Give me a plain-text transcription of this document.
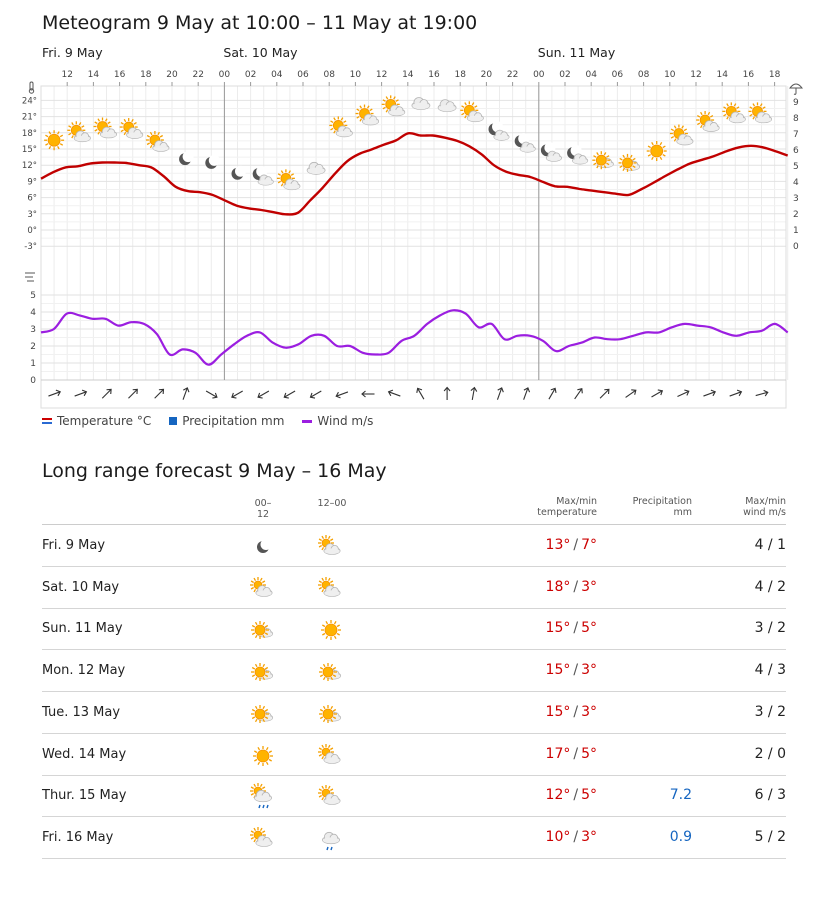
Meteogram 9 May at 10:00 – 11 May at 19:00
Fri. 9 May	Sat. 10 May	Sun. 11 May
12 14 16 18 20 22 00 02 04 06 08 10 12 14 16 18 20 22 00 02 04 06 08 10 12 14 16 18
24°
21°
18°
15°
12°
9°
6°
3°
0°
-3°
9
8
7
6
5
4
3
2
1
0
5
4
3
2
1
0
Temperature °C	Precipitation mm	Wind m/s
Long range forecast 9 May – 16 May
00–12
12–00	Max/min
temperature
Precipitation
mm
Max/min
wind m/s
Fri. 9 May	13° / 7°	4 / 1
Sat. 10 May	18° / 3°	4 / 2
Sun. 11 May	15° / 5°	3 / 2
Mon. 12 May	15° / 3°	4 / 3
Tue. 13 May	15° / 3°	3 / 2
Wed. 14 May	17° / 5°	2 / 0
Thur. 15 May	12° / 5°	7.2	6 / 3
Fri. 16 May	10° / 3°	0.9	5 / 2
